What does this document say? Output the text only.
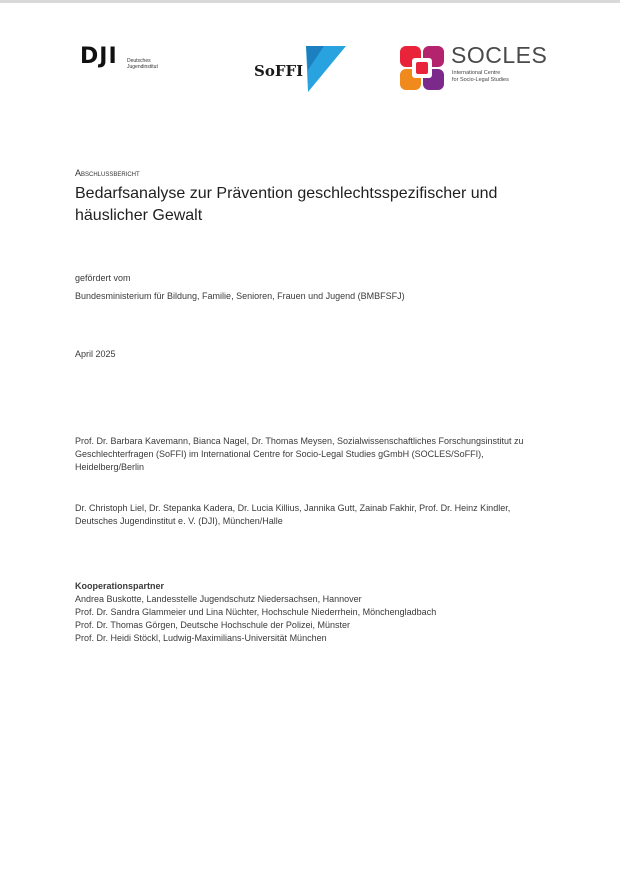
DJI Deutsches
Jugendinstitut	SoFFI
SOCLES
International Centre
for Socio-Legal Studies
Abschlussbericht
Bedarfsanalyse zur Prävention geschlechtsspezifischer und häuslicher Gewalt
gefördert vom
Bundesministerium für Bildung, Familie, Senioren, Frauen und Jugend (BMBFSFJ)
April 2025
Prof. Dr. Barbara Kavemann, Bianca Nagel, Dr. Thomas Meysen, Sozialwissenschaftliches Forschungsinstitut zu Geschlechterfragen (SoFFI) im International Centre for Socio-Legal Studies gGmbH (SOCLES/SoFFI), Heidelberg/Berlin
Dr. Christoph Liel, Dr. Stepanka Kadera, Dr. Lucia Killius, Jannika Gutt, Zainab Fakhir, Prof. Dr. Heinz Kindler, Deutsches Jugendinstitut e. V. (DJI), München/Halle
Kooperationspartner
Andrea Buskotte, Landesstelle Jugendschutz Niedersachsen, Hannover
Prof. Dr. Sandra Glammeier und Lina Nüchter, Hochschule Niederrhein, Mönchengladbach
Prof. Dr. Thomas Görgen, Deutsche Hochschule der Polizei, Münster
Prof. Dr. Heidi Stöckl, Ludwig-Maximilians-Universität München
